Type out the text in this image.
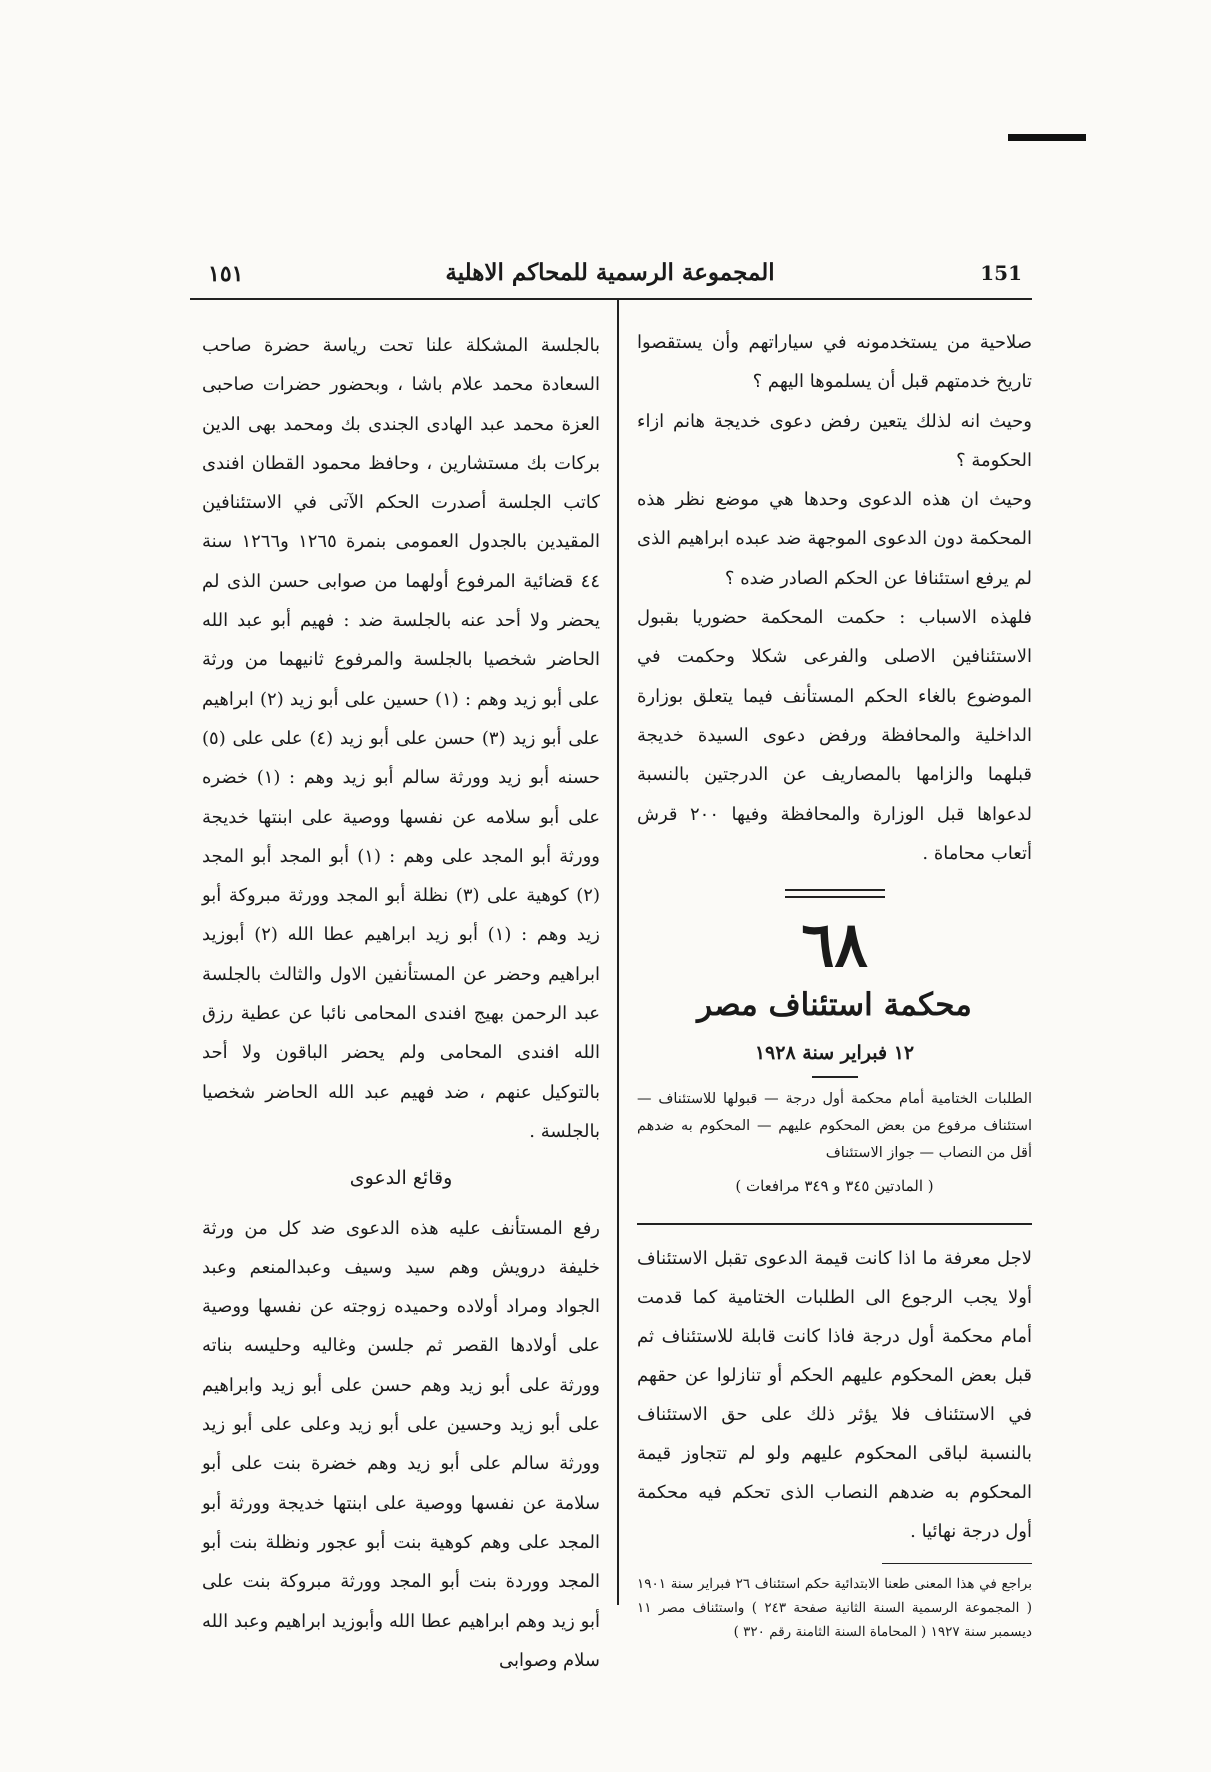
١٥١	المجموعة الرسمية للمحاكم الاهلية	151

صلاحية من يستخدمونه في سياراتهم وأن يستقصوا تاريخ خدمتهم قبل أن يسلموها اليهم ؟

وحيث انه لذلك يتعين رفض دعوى خديجة هانم ازاء الحكومة ؟

وحيث ان هذه الدعوى وحدها هي موضع نظر هذه المحكمة دون الدعوى الموجهة ضد عبده ابراهيم الذى لم يرفع استئنافا عن الحكم الصادر ضده ؟

فلهذه الاسباب : حكمت المحكمة حضوريا بقبول الاستئنافين الاصلى والفرعى شكلا وحكمت في الموضوع بالغاء الحكم المستأنف فيما يتعلق بوزارة الداخلية والمحافظة ورفض دعوى السيدة خديجة قبلهما والزامها بالمصاريف عن الدرجتين بالنسبة لدعواها قبل الوزارة والمحافظة وفيها ٢٠٠ قرش أتعاب محاماة .

٦٨
محكمة استئناف مصر
١٢ فبراير سنة ١٩٢٨

الطلبات الختامية أمام محكمة أول درجة — قبولها للاستئناف — استئناف مرفوع من بعض المحكوم عليهم — المحكوم به ضدهم أقل من النصاب — جواز الاستئناف

( المادتين ٣٤٥ و ٣٤٩ مرافعات )

لاجل معرفة ما اذا كانت قيمة الدعوى تقبل الاستئناف أولا يجب الرجوع الى الطلبات الختامية كما قدمت أمام محكمة أول درجة فاذا كانت قابلة للاستئناف ثم قبل بعض المحكوم عليهم الحكم أو تنازلوا عن حقهم في الاستئناف فلا يؤثر ذلك على حق الاستئناف بالنسبة لباقى المحكوم عليهم ولو لم تتجاوز قيمة المحكوم به ضدهم النصاب الذى تحكم فيه محكمة أول درجة نهائيا .

براجع في هذا المعنى طعنا الابتدائية حكم استئناف ٢٦ فبراير سنة ١٩٠١ ( المجموعة الرسمية السنة الثانية صفحة ٢٤٣ ) واستئناف مصر ١١ ديسمبر سنة ١٩٢٧ ( المحاماة السنة الثامنة رقم ٣٢٠ )

بالجلسة المشكلة علنا تحت رياسة حضرة صاحب السعادة محمد علام باشا ، وبحضور حضرات صاحبى العزة محمد عبد الهادى الجندى بك ومحمد بهى الدين بركات بك مستشارين ، وحافظ محمود القطان افندى كاتب الجلسة أصدرت الحكم الآتى في الاستئنافين المقيدين بالجدول العمومى بنمرة ١٢٦٥ و١٢٦٦ سنة ٤٤ قضائية المرفوع أولهما من صوابى حسن الذى لم يحضر ولا أحد عنه بالجلسة ضد : فهيم أبو عبد الله الحاضر شخصيا بالجلسة والمرفوع ثانيهما من ورثة على أبو زيد وهم : (١) حسين على أبو زيد (٢) ابراهيم على أبو زيد (٣) حسن على أبو زيد (٤) على على (٥) حسنه أبو زيد وورثة سالم أبو زيد وهم : (١) خضره على أبو سلامه عن نفسها ووصية على ابنتها خديجة وورثة أبو المجد على وهم : (١) أبو المجد أبو المجد (٢) كوهية على (٣) نظلة أبو المجد وورثة مبروكة أبو زيد وهم : (١) أبو زيد ابراهيم عطا الله (٢) أبوزيد ابراهيم وحضر عن المستأنفين الاول والثالث بالجلسة عبد الرحمن بهيج افندى المحامى نائبا عن عطية رزق الله افندى المحامى ولم يحضر الباقون ولا أحد بالتوكيل عنهم ، ضد فهيم عبد الله الحاضر شخصيا بالجلسة .

وقائع الدعوى

رفع المستأنف عليه هذه الدعوى ضد كل من ورثة خليفة درويش وهم سيد وسيف وعبدالمنعم وعبد الجواد ومراد أولاده وحميده زوجته عن نفسها ووصية على أولادها القصر ثم جلسن وغاليه وحليسه بناته وورثة على أبو زيد وهم حسن على أبو زيد وابراهيم على أبو زيد وحسين على أبو زيد وعلى على أبو زيد وورثة سالم على أبو زيد وهم خضرة بنت على أبو سلامة عن نفسها ووصية على ابنتها خديجة وورثة أبو المجد على وهم كوهية بنت أبو عجور ونظلة بنت أبو المجد ووردة بنت أبو المجد وورثة مبروكة بنت على أبو زيد وهم ابراهيم عطا الله وأبوزيد ابراهيم وعبد الله سلام وصوابى
